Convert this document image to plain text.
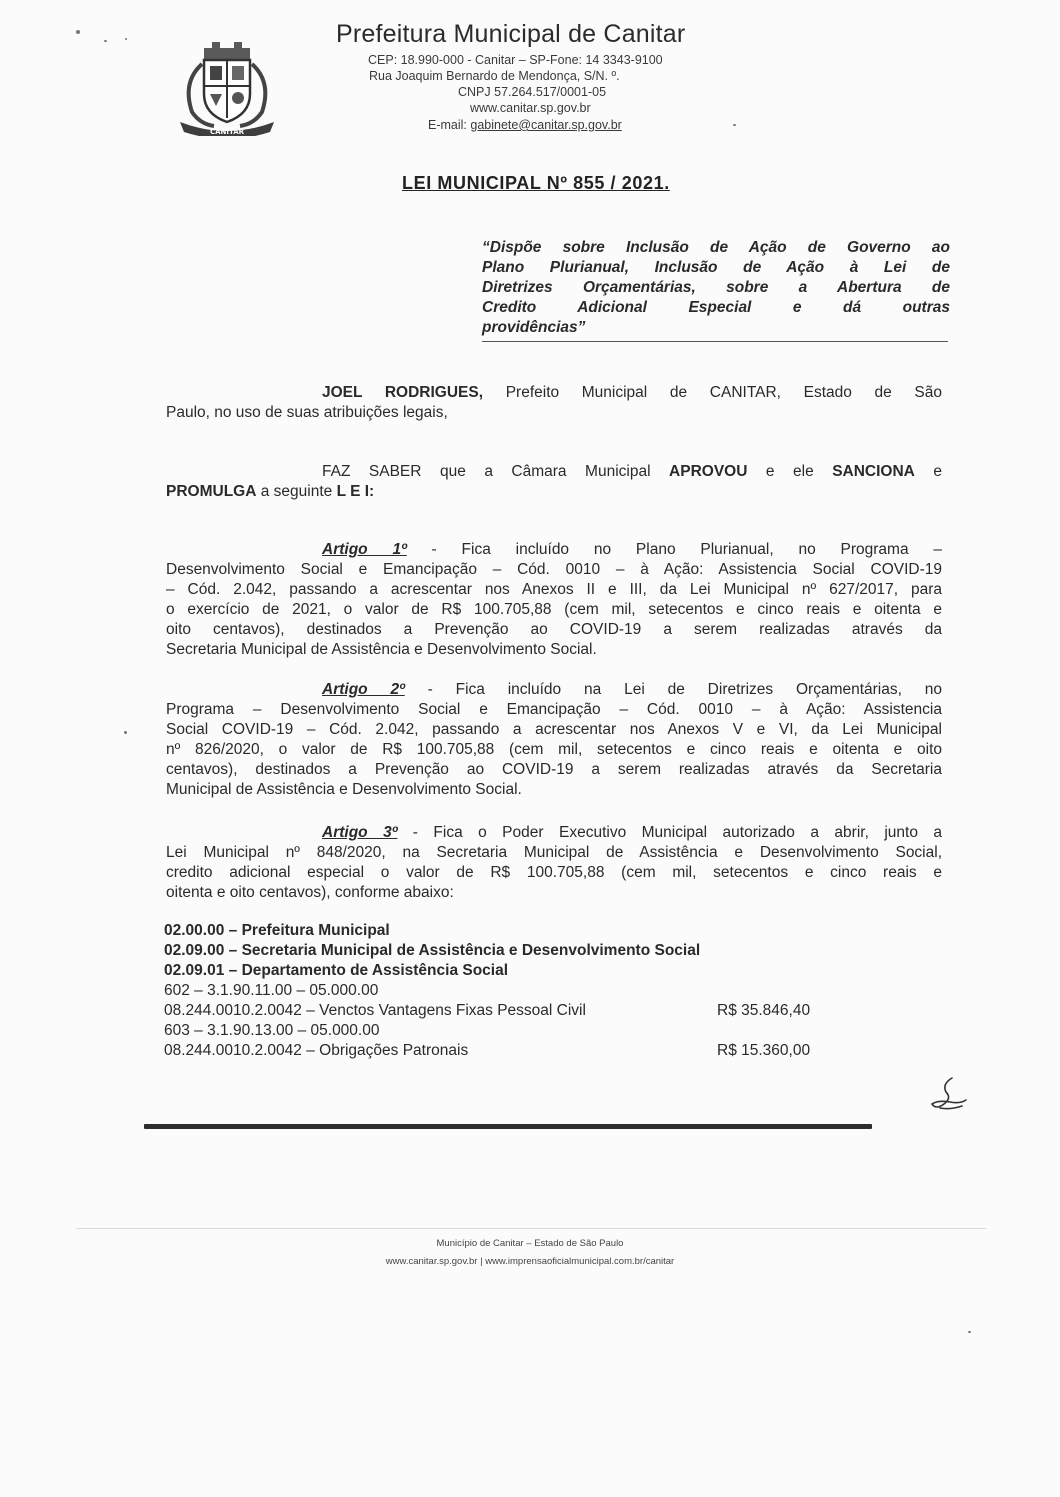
CANITAR
Prefeitura Municipal de Canitar
CEP: 18.990-000 - Canitar – SP-Fone: 14 3343-9100
Rua Joaquim Bernardo de Mendonça, S/N. º.
CNPJ 57.264.517/0001-05
www.canitar.sp.gov.br
E-mail: gabinete@canitar.sp.gov.br
LEI MUNICIPAL Nº 855 / 2021.
“Dispõe sobre Inclusão de Ação de Governo ao
Plano Plurianual, Inclusão de Ação à Lei de
Diretrizes Orçamentárias, sobre a Abertura de
Credito Adicional Especial e dá outras
providências”
JOEL RODRIGUES, Prefeito Municipal de CANITAR, Estado de São
Paulo, no uso de suas atribuições legais,
FAZ SABER que a Câmara Municipal APROVOU e ele SANCIONA e
PROMULGA a seguinte L E I:
Artigo 1º - Fica incluído no Plano Plurianual, no Programa –
Desenvolvimento Social e Emancipação – Cód. 0010 – à Ação: Assistencia Social COVID-19
– Cód. 2.042, passando a acrescentar nos Anexos II e III, da Lei Municipal nº 627/2017, para
o exercício de 2021, o valor de R$ 100.705,88 (cem mil, setecentos e cinco reais e oitenta e
oito centavos), destinados a Prevenção ao COVID-19 a serem realizadas através da
Secretaria Municipal de Assistência e Desenvolvimento Social.
Artigo 2º - Fica incluído na Lei de Diretrizes Orçamentárias, no
Programa – Desenvolvimento Social e Emancipação – Cód. 0010 – à Ação: Assistencia
Social COVID-19 – Cód. 2.042, passando a acrescentar nos Anexos V e VI, da Lei Municipal
nº 826/2020, o valor de R$ 100.705,88 (cem mil, setecentos e cinco reais e oitenta e oito
centavos), destinados a Prevenção ao COVID-19 a serem realizadas através da Secretaria
Municipal de Assistência e Desenvolvimento Social.
Artigo 3º - Fica o Poder Executivo Municipal autorizado a abrir, junto a
Lei Municipal nº 848/2020, na Secretaria Municipal de Assistência e Desenvolvimento Social,
credito adicional especial o valor de R$ 100.705,88 (cem mil, setecentos e cinco reais e
oitenta e oito centavos), conforme abaixo:
02.00.00 – Prefeitura Municipal
02.09.00 – Secretaria Municipal de Assistência e Desenvolvimento Social
02.09.01 – Departamento de Assistência Social
602 – 3.1.90.11.00 – 05.000.00
08.244.0010.2.0042 – Venctos Vantagens Fixas Pessoal Civil	R$ 35.846,40
603 – 3.1.90.13.00 – 05.000.00
08.244.0010.2.0042 – Obrigações Patronais	R$ 15.360,00
Município de Canitar – Estado de São Paulo
www.canitar.sp.gov.br | www.imprensaoficialmunicipal.com.br/canitar
